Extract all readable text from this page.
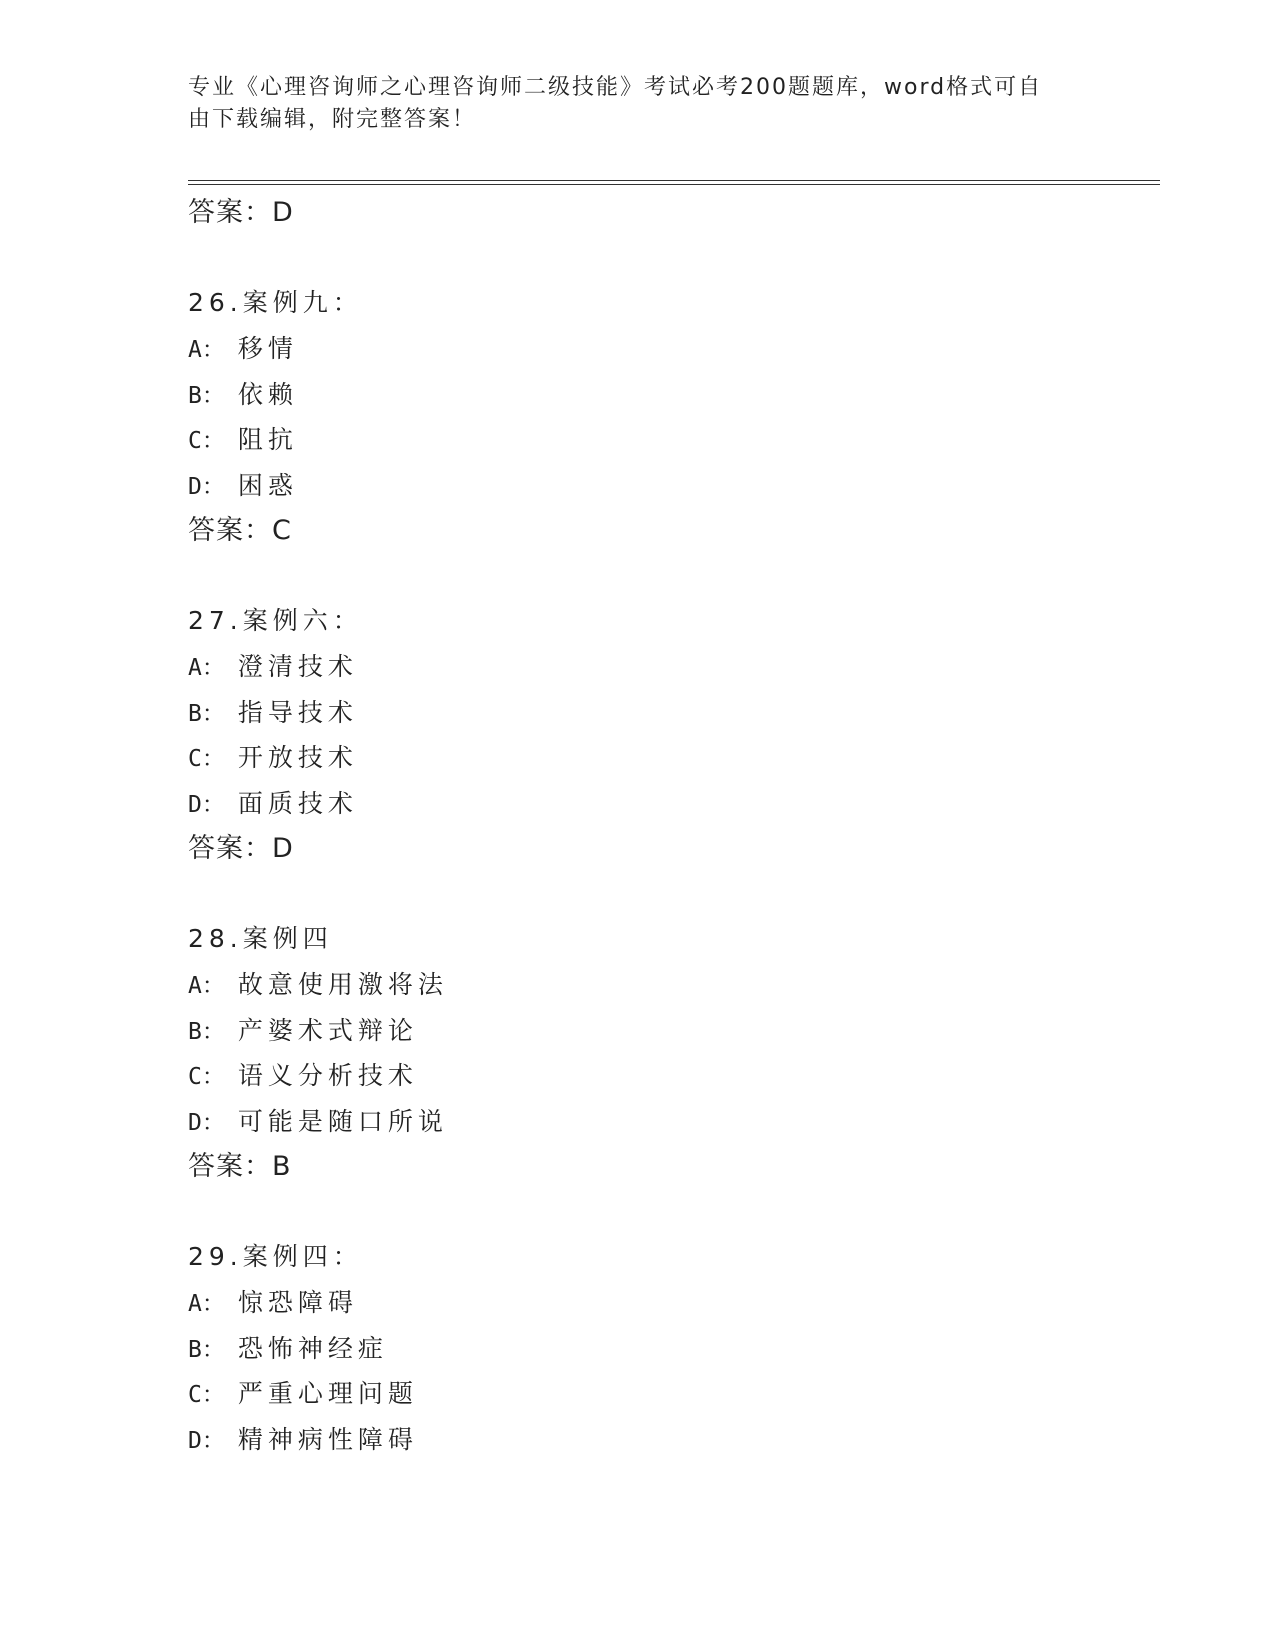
专业《心理咨询师之心理咨询师二级技能》考试必考200题题库，word格式可自
由下载编辑，附完整答案！
答案：D
26.案例九：
A： 移情
B： 依赖
C： 阻抗
D： 困惑
答案：C
27.案例六：
A： 澄清技术
B： 指导技术
C： 开放技术
D： 面质技术
答案：D
28.案例四
A： 故意使用激将法
B： 产婆术式辩论
C： 语义分析技术
D： 可能是随口所说
答案：B
29.案例四：
A： 惊恐障碍
B： 恐怖神经症
C： 严重心理问题
D： 精神病性障碍
